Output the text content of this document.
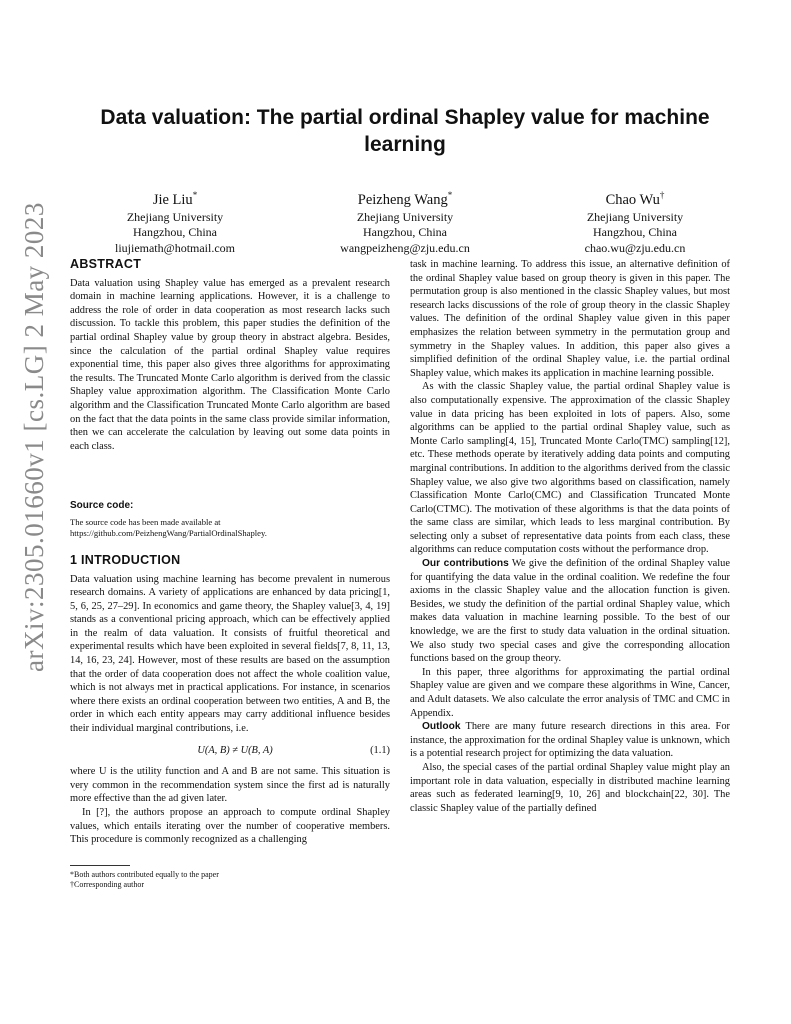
arXiv:2305.01660v1 [cs.LG] 2 May 2023
Data valuation: The partial ordinal Shapley value for machine learning
Jie Liu*
Zhejiang University
Hangzhou, China
liujiemath@hotmail.com
Peizheng Wang*
Zhejiang University
Hangzhou, China
wangpeizheng@zju.edu.cn
Chao Wu†
Zhejiang University
Hangzhou, China
chao.wu@zju.edu.cn
ABSTRACT

Data valuation using Shapley value has emerged as a prevalent research domain in machine learning applications. However, it is a challenge to address the role of order in data cooperation as most research lacks such discussion. To tackle this problem, this paper studies the definition of the partial ordinal Shapley value by group theory in abstract algebra. Besides, since the calculation of the partial ordinal Shapley value requires exponential time, this paper also gives three algorithms for approximating the results. The Truncated Monte Carlo algorithm is derived from the classic Shapley value approximation algorithm. The Classification Monte Carlo algorithm and the Classification Truncated Monte Carlo algorithm are based on the fact that the data points in the same class provide similar information, then we can accelerate the calculation by leaving out some data points in each class.

Source code:

The source code has been made available at https://github.com/PeizhengWang/PartialOrdinalShapley.

1 INTRODUCTION

Data valuation using machine learning has become prevalent in numerous research domains. A variety of applications are enhanced by data pricing[1, 5, 6, 25, 27–29]. In economics and game theory, the Shapley value[3, 4, 19] stands as a conventional pricing approach, which can be effectively applied in the realm of data valuation. It consists of fruitful theoretical and experimental results which have been exploited in several fields[7, 8, 11, 13, 14, 16, 23, 24]. However, most of these results are based on the assumption that the order of data cooperation does not affect the whole coalition value, which is not always met in practical applications. For instance, in scenarios where there exists an ordinal cooperation between two entities, A and B, the order in which each entity appears may carry additional influence besides their individual marginal contributions, i.e.

U(A, B) ≠ U(B, A)	(1.1)

where U is the utility function and A and B are not same. This situation is very common in the recommendation system since the first ad is naturally more effective than the ad given later.

In [?], the authors propose an approach to compute ordinal Shapley values, which entails iterating over the number of cooperative members. This procedure is commonly recognized as a challenging

*Both authors contributed equally to the paper
†Corresponding author

task in machine learning. To address this issue, an alternative definition of the ordinal Shapley value based on group theory is given in this paper. The permutation group is also mentioned in the classic Shapley values, but most research lacks discussions of the role of group theory in the classic Shapley values. The definition of the ordinal Shapley value given in this paper emphasizes the relation between symmetry in the permutation group and symmetry in the Shapley values. In addition, this paper also gives a simplified definition of the ordinal Shapley value, i.e. the partial ordinal Shapley value, which makes its application in machine learning possible.

As with the classic Shapley value, the partial ordinal Shapley value is also computationally expensive. The approximation of the classic Shapley value in data pricing has been exploited in lots of papers. Also, some algorithms can be applied to the partial ordinal Shapley value, such as Monte Carlo sampling[4, 15], Truncated Monte Carlo(TMC) sampling[12], etc. These methods operate by iteratively adding data points and computing marginal contributions. In addition to the algorithms derived from the classic Shapley value, we also give two algorithms based on classification, namely Classification Monte Carlo(CMC) and Classification Truncated Monte Carlo(CTMC). The motivation of these algorithms is that the data points of the same class are similar, which leads to less marginal contribution. By selecting only a subset of representative data points from each class, these algorithms can reduce computation costs without the performance drop.

Our contributions We give the definition of the ordinal Shapley value for quantifying the data value in the ordinal coalition. We redefine the four axioms in the classic Shapley value and the allocation function is given. Besides, we study the definition of the partial ordinal Shapley value, which makes data valuation in machine learning possible. To the best of our knowledge, we are the first to study data valuation in the ordinal situation. We also study two special cases and give the corresponding allocation functions based on the group theory.

In this paper, three algorithms for approximating the partial ordinal Shapley value are given and we compare these algorithms in Wine, Cancer, and Adult datasets. We also calculate the error analysis of TMC and CMC in Appendix.

Outlook There are many future research directions in this area. For instance, the approximation for the ordinal Shapley value is unknown, which is a potential research project for optimizing the data valuation.

Also, the special cases of the partial ordinal Shapley value might play an important role in data valuation, especially in distributed machine learning areas such as federated learning[9, 10, 26] and blockchain[22, 30]. The classic Shapley value of the partially defined
